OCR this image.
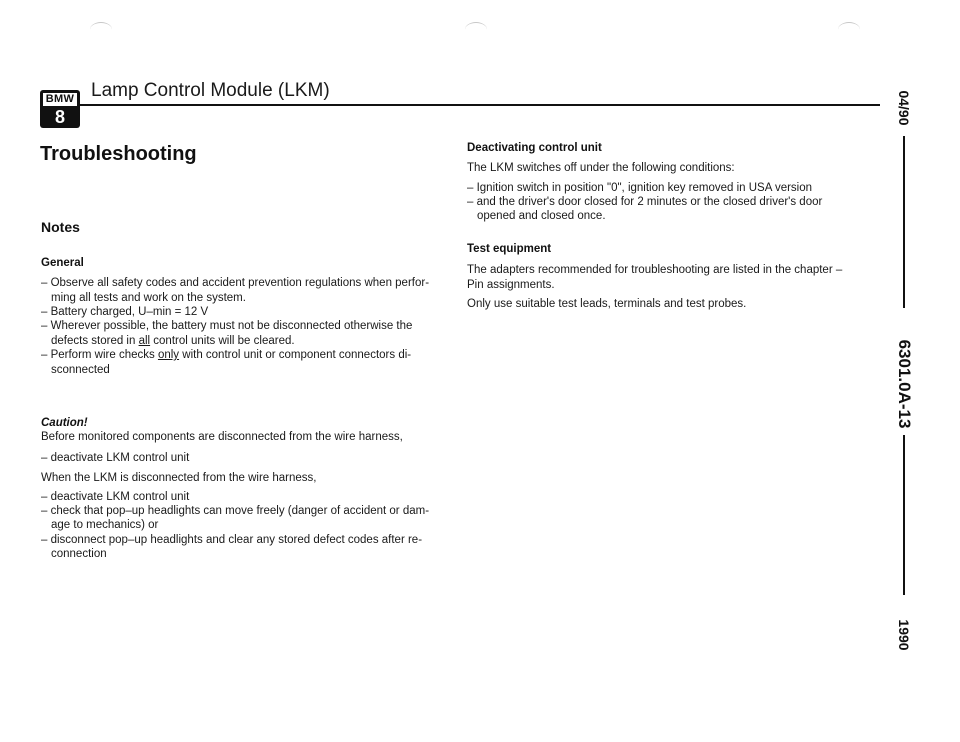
BMW
8
Lamp Control Module (LKM)
Troubleshooting
Notes
General
– Observe all safety codes and accident prevention regulations when perfor-
ming all tests and work on the system.
– Battery charged, U–min = 12 V
– Wherever possible, the battery must not be disconnected otherwise the
defects stored in all control units will be cleared.
– Perform wire checks only with control unit or component connectors di-
sconnected
Caution!
Before monitored components are disconnected from the wire harness,
– deactivate LKM control unit
When the LKM is disconnected from the wire harness,
– deactivate LKM control unit
– check that pop–up headlights can move freely (danger of accident or dam-
age to mechanics) or
– disconnect pop–up headlights and clear any stored defect codes after re-
connection
Deactivating control unit
The LKM switches off under the following conditions:
– Ignition switch in position "0", ignition key removed in USA version
– and the driver's door closed for 2 minutes or the closed driver's door
opened and closed once.
Test equipment
The adapters recommended for troubleshooting are listed in the chapter –
Pin assignments.
Only use suitable test leads, terminals and test probes.
04/90
6301.0A-13
1990
